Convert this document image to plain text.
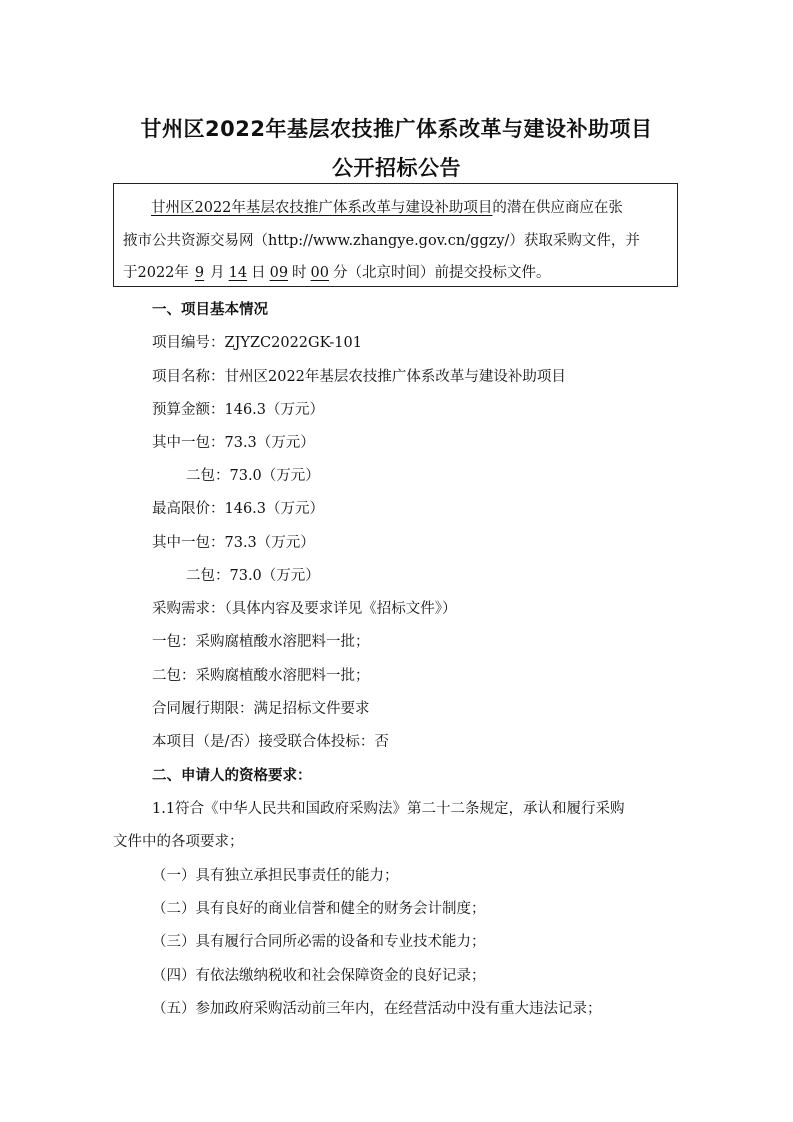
甘州区2022年基层农技推广体系改革与建设补助项目
公开招标公告
甘州区2022年基层农技推广体系改革与建设补助项目的潜在供应商应在张
掖市公共资源交易网（http://www.zhangye.gov.cn/ggzy/）获取采购文件，并
于2022年 9 月 14 日 09 时 00 分（北京时间）前提交投标文件。
一、项目基本情况
项目编号：ZJYZC2022GK-101
项目名称：甘州区2022年基层农技推广体系改革与建设补助项目
预算金额：146.3（万元）
其中一包：73.3（万元）
二包：73.0（万元）
最高限价：146.3（万元）
其中一包：73.3（万元）
二包：73.0（万元）
采购需求：（具体内容及要求详见《招标文件》）
一包：采购腐植酸水溶肥料一批；
二包：采购腐植酸水溶肥料一批；
合同履行期限：满足招标文件要求
本项目（是/否）接受联合体投标：否
二、申请人的资格要求：
1.1符合《中华人民共和国政府采购法》第二十二条规定，承认和履行采购
文件中的各项要求；
（一）具有独立承担民事责任的能力；
（二）具有良好的商业信誉和健全的财务会计制度；
（三）具有履行合同所必需的设备和专业技术能力；
（四）有依法缴纳税收和社会保障资金的良好记录；
（五）参加政府采购活动前三年内，在经营活动中没有重大违法记录；
